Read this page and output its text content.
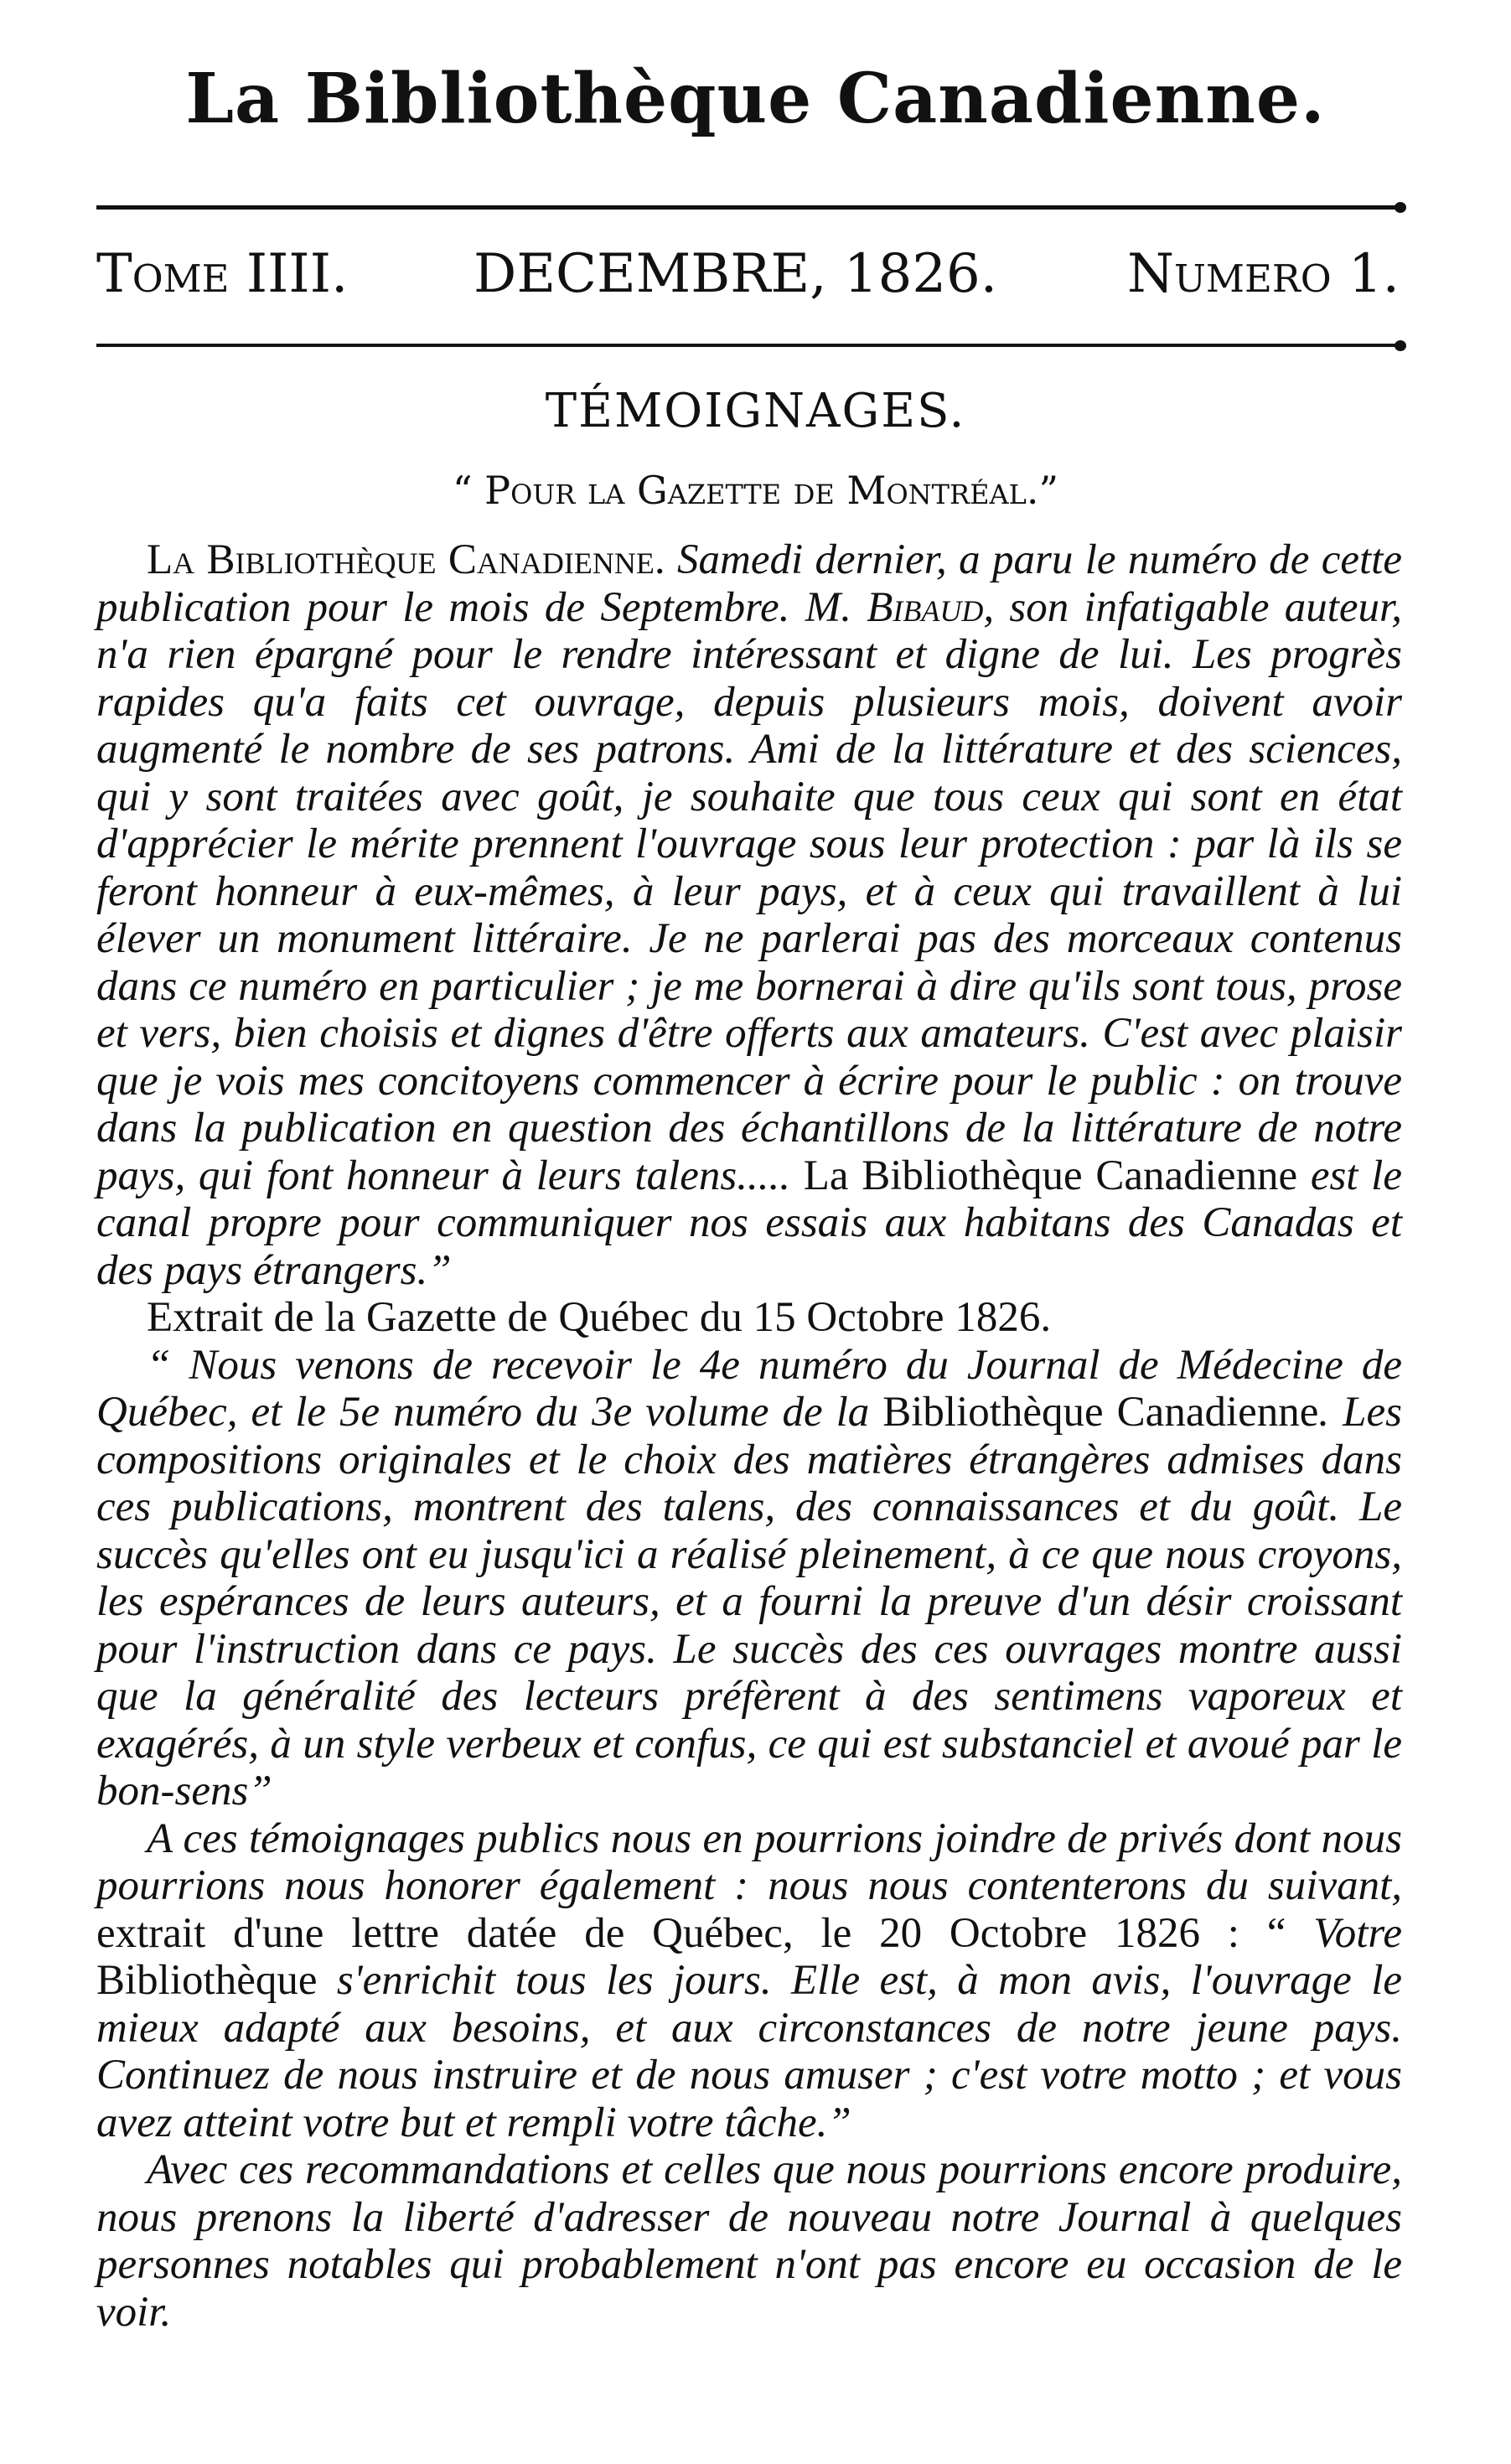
La Bibliothèque Canadienne.
Tome IIII. DECEMBRE, 1826. Numero 1.
TÉMOIGNAGES.
“ Pour la Gazette de Montréal.”

La Bibliothèque Canadienne. Samedi dernier, a paru le numéro de cette publication pour le mois de Septembre. M. Bibaud, son infatigable auteur, n'a rien épargné pour le rendre intéressant et digne de lui. Les progrès rapides qu'a faits cet ouvrage, depuis plusieurs mois, doivent avoir augmenté le nombre de ses patrons. Ami de la littérature et des sciences, qui y sont traitées avec goût, je souhaite que tous ceux qui sont en état d'apprécier le mérite prennent l'ouvrage sous leur protection : par là ils se feront honneur à eux-mêmes, à leur pays, et à ceux qui travaillent à lui élever un monument littéraire. Je ne parlerai pas des morceaux contenus dans ce numéro en particulier ; je me bornerai à dire qu'ils sont tous, prose et vers, bien choisis et dignes d'être offerts aux amateurs. C'est avec plaisir que je vois mes concitoyens commencer à écrire pour le public : on trouve dans la publication en question des échantillons de la littérature de notre pays, qui font honneur à leurs talens..... La Bibliothèque Canadienne est le canal propre pour communiquer nos essais aux habitans des Canadas et des pays étrangers.”

Extrait de la Gazette de Québec du 15 Octobre 1826.

“ Nous venons de recevoir le 4e numéro du Journal de Médecine de Québec, et le 5e numéro du 3e volume de la Bibliothèque Canadienne. Les compositions originales et le choix des matières étrangères admises dans ces publications, montrent des talens, des connaissances et du goût. Le succès qu'elles ont eu jusqu'ici a réalisé pleinement, à ce que nous croyons, les espérances de leurs auteurs, et a fourni la preuve d'un désir croissant pour l'instruction dans ce pays. Le succès des ces ouvrages montre aussi que la généralité des lecteurs préfèrent à des sentimens vaporeux et exagérés, à un style verbeux et confus, ce qui est substanciel et avoué par le bon-sens”

A ces témoignages publics nous en pourrions joindre de privés dont nous pourrions nous honorer également : nous nous contenterons du suivant, extrait d'une lettre datée de Québec, le 20 Octobre 1826 : “ Votre Bibliothèque s'enrichit tous les jours. Elle est, à mon avis, l'ouvrage le mieux adapté aux besoins, et aux circonstances de notre jeune pays. Continuez de nous instruire et de nous amuser ; c'est votre motto ; et vous avez atteint votre but et rempli votre tâche.”

Avec ces recommandations et celles que nous pourrions encore produire, nous prenons la liberté d'adresser de nouveau notre Journal à quelques personnes notables qui probablement n'ont pas encore eu occasion de le voir.
